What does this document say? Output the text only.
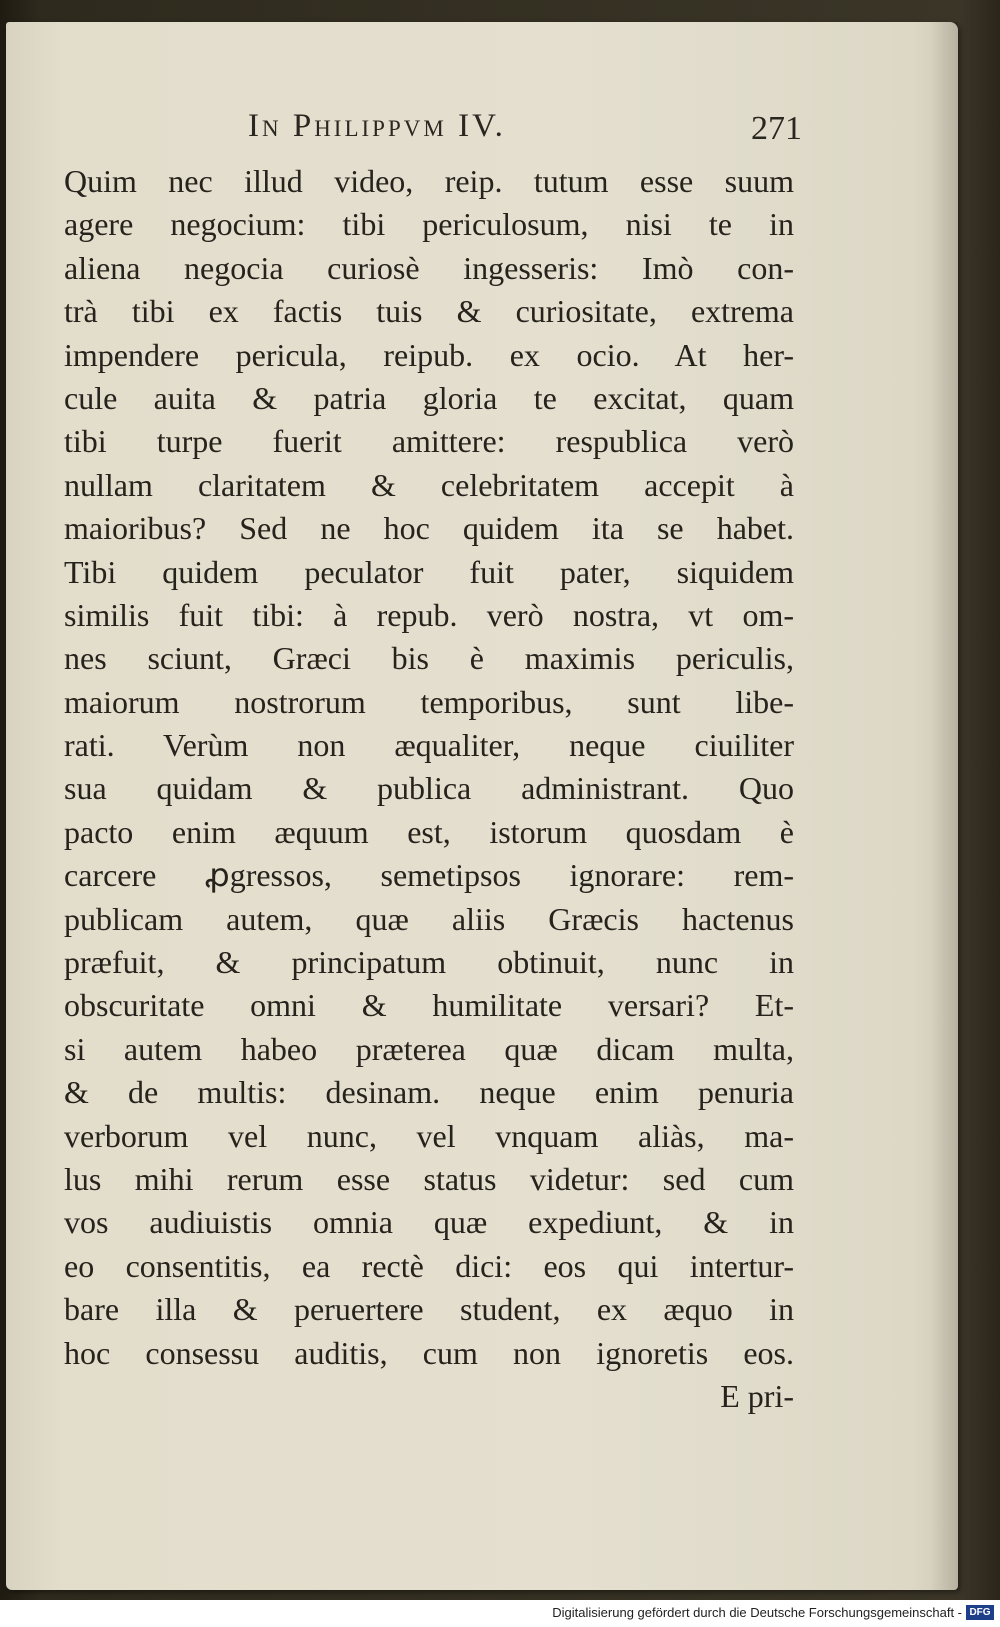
In Philippvm IV.	271
Quim nec illud video, reip. tutum esse suum
agere negocium: tibi periculosum, nisi te in
aliena negocia curiosè ingesseris: Imò con-
trà tibi ex factis tuis & curiositate, extrema
impendere pericula, reipub. ex ocio. At her-
cule auita & patria gloria te excitat, quam
tibi turpe fuerit amittere: respublica verò
nullam claritatem & celebritatem accepit à
maioribus? Sed ne hoc quidem ita se habet.
Tibi quidem peculator fuit pater, siquidem
similis fuit tibi: à repub. verò nostra, vt om-
nes sciunt, Græci bis è maximis periculis,
maiorum nostrorum temporibus, sunt libe-
rati. Verùm non æqualiter, neque ciuiliter
sua quidam & publica administrant. Quo
pacto enim æquum est, istorum quosdam è
carcere ꝓgressos, semetipsos ignorare: rem-
publicam autem, quæ aliis Græcis hactenus
præfuit, & principatum obtinuit, nunc in
obscuritate omni & humilitate versari? Et-
si autem habeo præterea quæ dicam multa,
& de multis: desinam. neque enim penuria
verborum vel nunc, vel vnquam aliàs, ma-
lus mihi rerum esse status videtur: sed cum
vos audiuistis omnia quæ expediunt, & in
eo consentitis, ea rectè dici: eos qui intertur-
bare illa & peruertere student, ex æquo in
hoc consessu auditis, cum non ignoretis eos.
E pri-
Digitalisierung gefördert durch die Deutsche Forschungsgemeinschaft - DFG
